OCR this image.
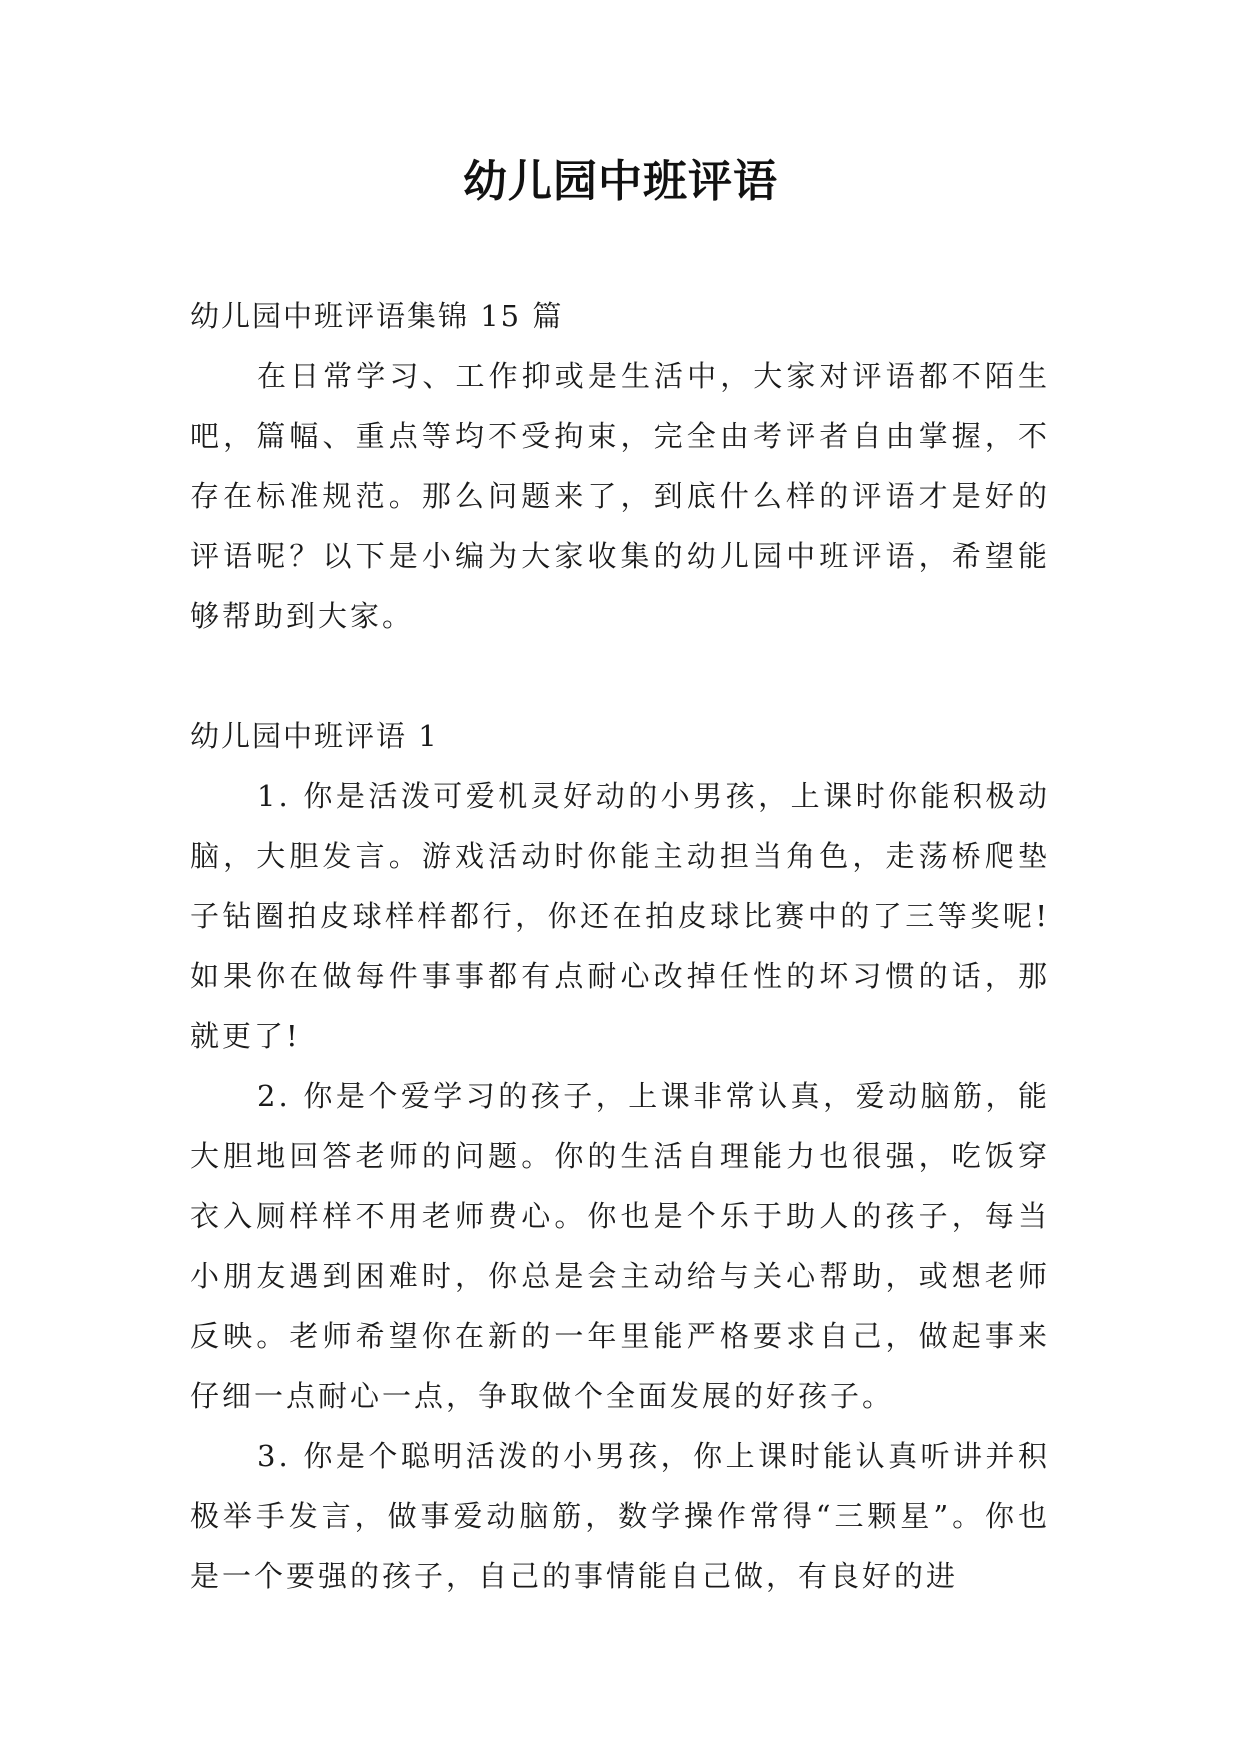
幼儿园中班评语

幼儿园中班评语集锦 15 篇

在日常学习、工作抑或是生活中，大家对评语都不陌生吧，篇幅、重点等均不受拘束，完全由考评者自由掌握，不存在标准规范。那么问题来了，到底什么样的评语才是好的评语呢？以下是小编为大家收集的幼儿园中班评语，希望能够帮助到大家。

幼儿园中班评语 1

1. 你是活泼可爱机灵好动的小男孩，上课时你能积极动脑，大胆发言。游戏活动时你能主动担当角色，走荡桥爬垫子钻圈拍皮球样样都行，你还在拍皮球比赛中的了三等奖呢!如果你在做每件事事都有点耐心改掉任性的坏习惯的话，那就更了!

2. 你是个爱学习的孩子，上课非常认真，爱动脑筋，能大胆地回答老师的问题。你的生活自理能力也很强，吃饭穿衣入厕样样不用老师费心。你也是个乐于助人的孩子，每当小朋友遇到困难时，你总是会主动给与关心帮助，或想老师反映。老师希望你在新的一年里能严格要求自己，做起事来仔细一点耐心一点，争取做个全面发展的好孩子。

3. 你是个聪明活泼的小男孩，你上课时能认真听讲并积极举手发言，做事爱动脑筋，数学操作常得“三颗星”。你也是一个要强的孩子，自己的事情能自己做，有良好的进
